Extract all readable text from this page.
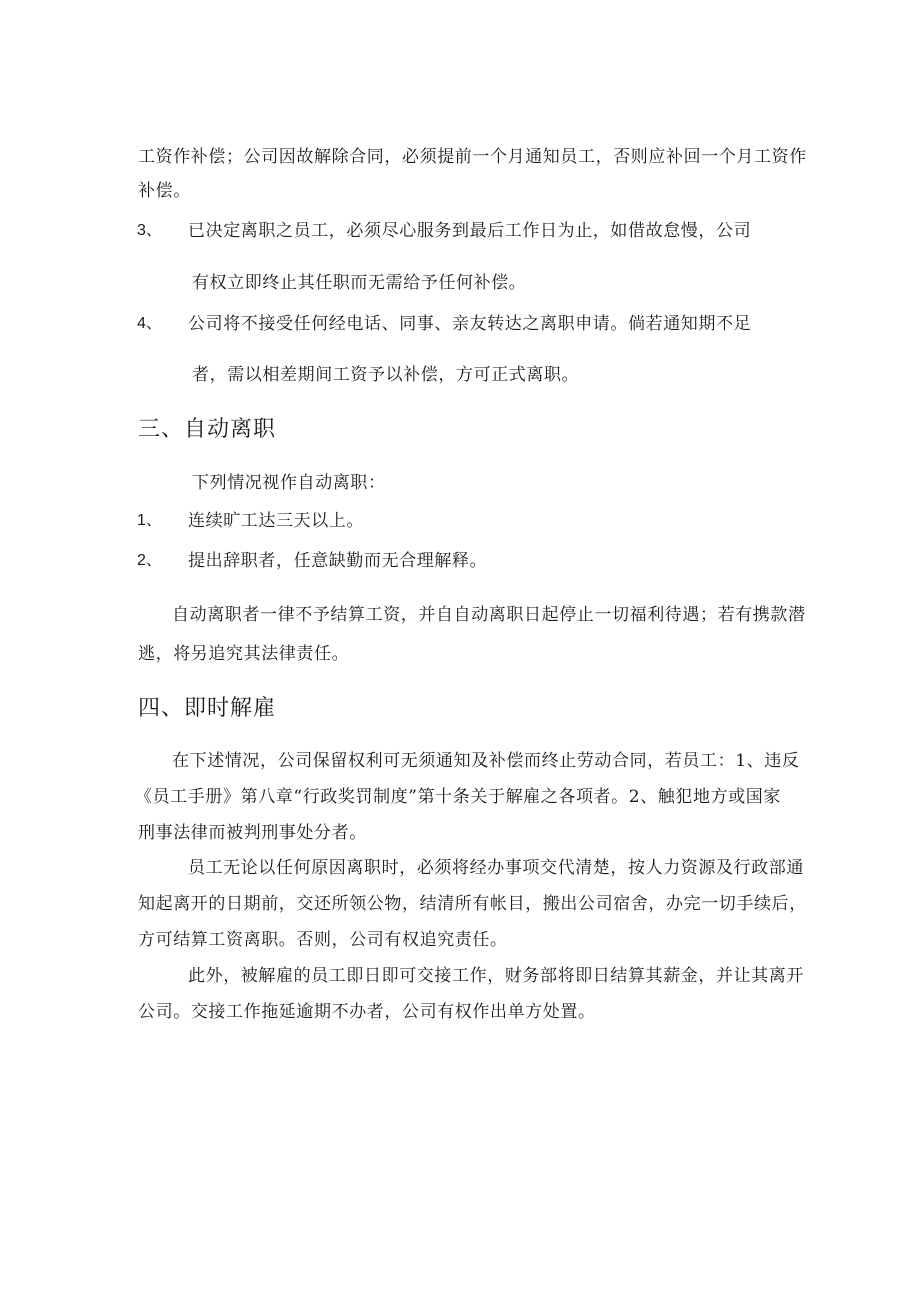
工资作补偿；公司因故解除合同，必须提前一个月通知员工，否则应补回一个月工资作
补偿。
3、 已决定离职之员工，必须尽心服务到最后工作日为止，如借故怠慢，公司
有权立即终止其任职而无需给予任何补偿。
4、 公司将不接受任何经电话、同事、亲友转达之离职申请。倘若通知期不足
者，需以相差期间工资予以补偿，方可正式离职。
三、自动离职
下列情况视作自动离职：
1、 连续旷工达三天以上。
2、 提出辞职者，任意缺勤而无合理解释。
自动离职者一律不予结算工资，并自自动离职日起停止一切福利待遇；若有携款潜
逃，将另追究其法律责任。
四、即时解雇
在下述情况，公司保留权利可无须通知及补偿而终止劳动合同，若员工：1、违反
《员工手册》第八章“行政奖罚制度”第十条关于解雇之各项者。2、触犯地方或国家
刑事法律而被判刑事处分者。
员工无论以任何原因离职时，必须将经办事项交代清楚，按人力资源及行政部通
知起离开的日期前，交还所领公物，结清所有帐目，搬出公司宿舍，办完一切手续后，
方可结算工资离职。否则，公司有权追究责任。
此外，被解雇的员工即日即可交接工作，财务部将即日结算其薪金，并让其离开
公司。交接工作拖延逾期不办者，公司有权作出单方处置。
